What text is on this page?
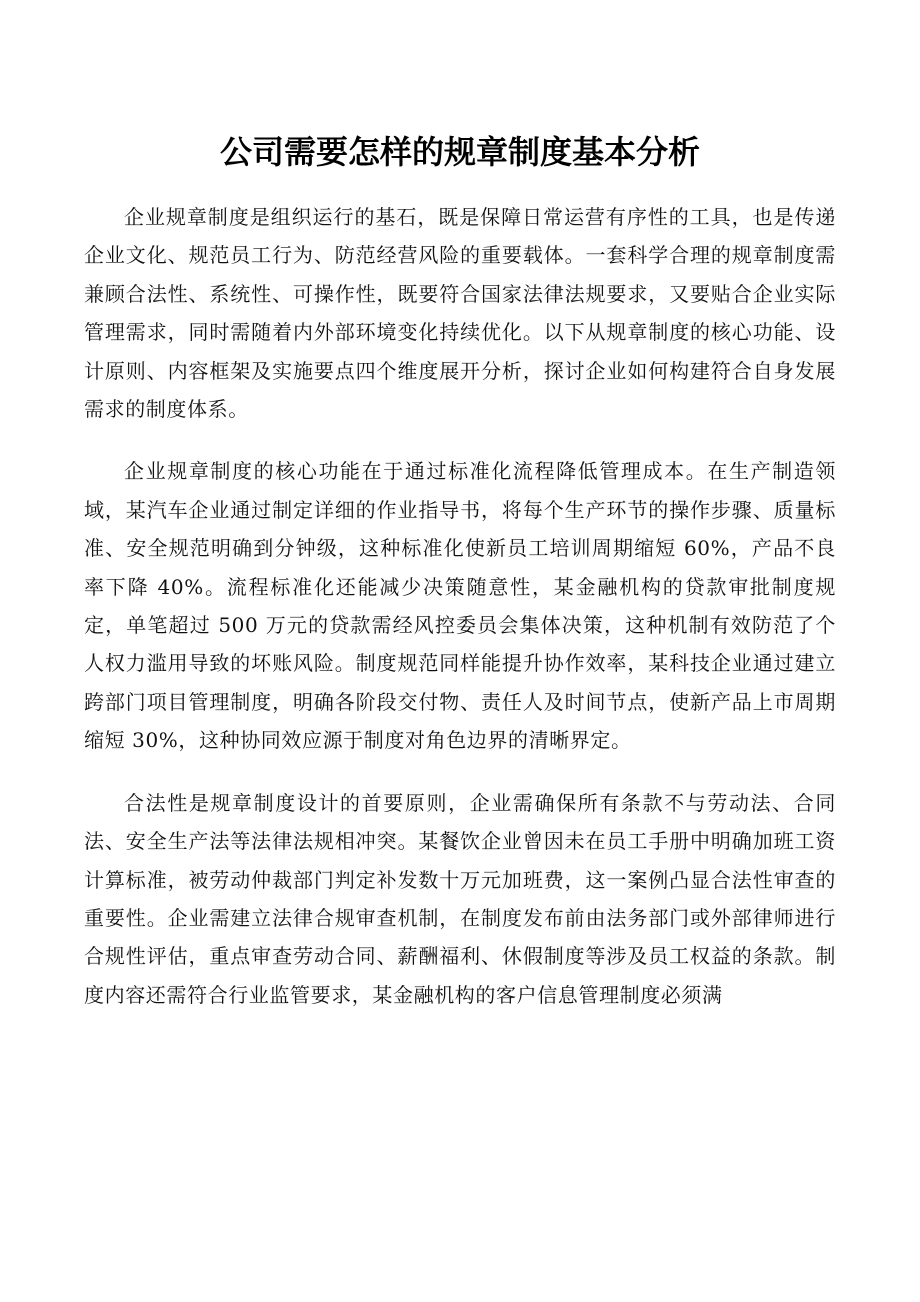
公司需要怎样的规章制度基本分析

企业规章制度是组织运行的基石，既是保障日常运营有序性的工具，也是传递企业文化、规范员工行为、防范经营风险的重要载体。一套科学合理的规章制度需兼顾合法性、系统性、可操作性，既要符合国家法律法规要求，又要贴合企业实际管理需求，同时需随着内外部环境变化持续优化。以下从规章制度的核心功能、设计原则、内容框架及实施要点四个维度展开分析，探讨企业如何构建符合自身发展需求的制度体系。

企业规章制度的核心功能在于通过标准化流程降低管理成本。在生产制造领域，某汽车企业通过制定详细的作业指导书，将每个生产环节的操作步骤、质量标准、安全规范明确到分钟级，这种标准化使新员工培训周期缩短 60%，产品不良率下降 40%。流程标准化还能减少决策随意性，某金融机构的贷款审批制度规定，单笔超过 500 万元的贷款需经风控委员会集体决策，这种机制有效防范了个人权力滥用导致的坏账风险。制度规范同样能提升协作效率，某科技企业通过建立跨部门项目管理制度，明确各阶段交付物、责任人及时间节点，使新产品上市周期缩短 30%，这种协同效应源于制度对角色边界的清晰界定。

合法性是规章制度设计的首要原则，企业需确保所有条款不与劳动法、合同法、安全生产法等法律法规相冲突。某餐饮企业曾因未在员工手册中明确加班工资计算标准，被劳动仲裁部门判定补发数十万元加班费，这一案例凸显合法性审查的重要性。企业需建立法律合规审查机制，在制度发布前由法务部门或外部律师进行合规性评估，重点审查劳动合同、薪酬福利、休假制度等涉及员工权益的条款。制度内容还需符合行业监管要求，某金融机构的客户信息管理制度必须满
